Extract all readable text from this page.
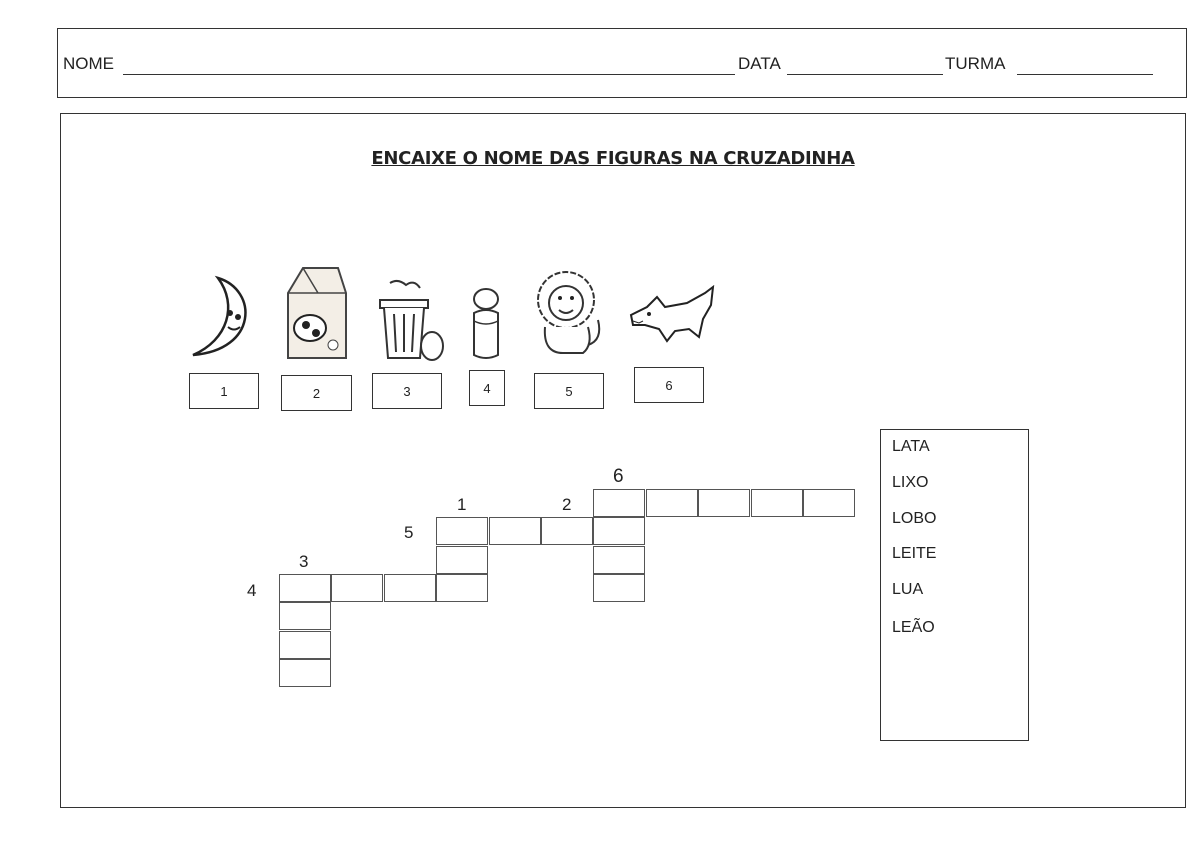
NOME	DATA	TURMA
ENCAIXE O NOME DAS FIGURAS NA CRUZADINHA
1	2	3	4	5	6
6
1	2
5
3
4
LATA
LIXO
LOBO
LEITE
LUA
LEÃO
